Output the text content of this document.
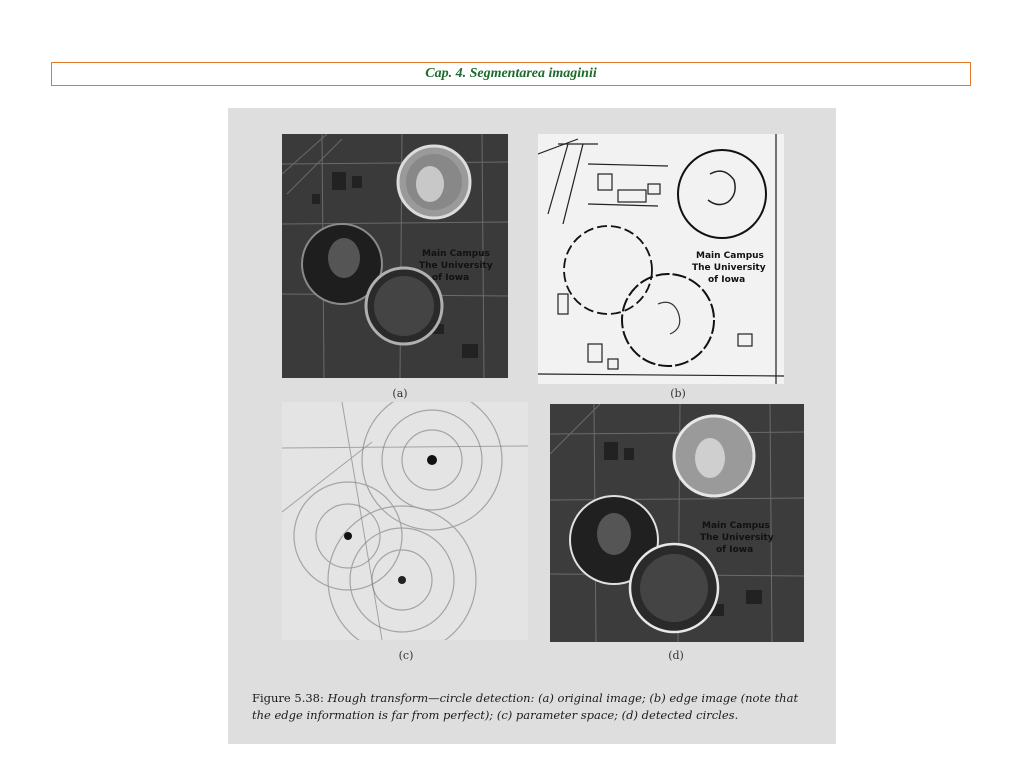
Cap. 4. Segmentarea imaginii
Main Campus
The University
of Iowa
(a)
Main Campus
The University
of Iowa
(b)
(c)
Main Campus
The University
of Iowa
(d)
Figure 5.38: Hough transform—circle detection: (a) original image; (b) edge image (note that
the edge information is far from perfect); (c) parameter space; (d) detected circles.
